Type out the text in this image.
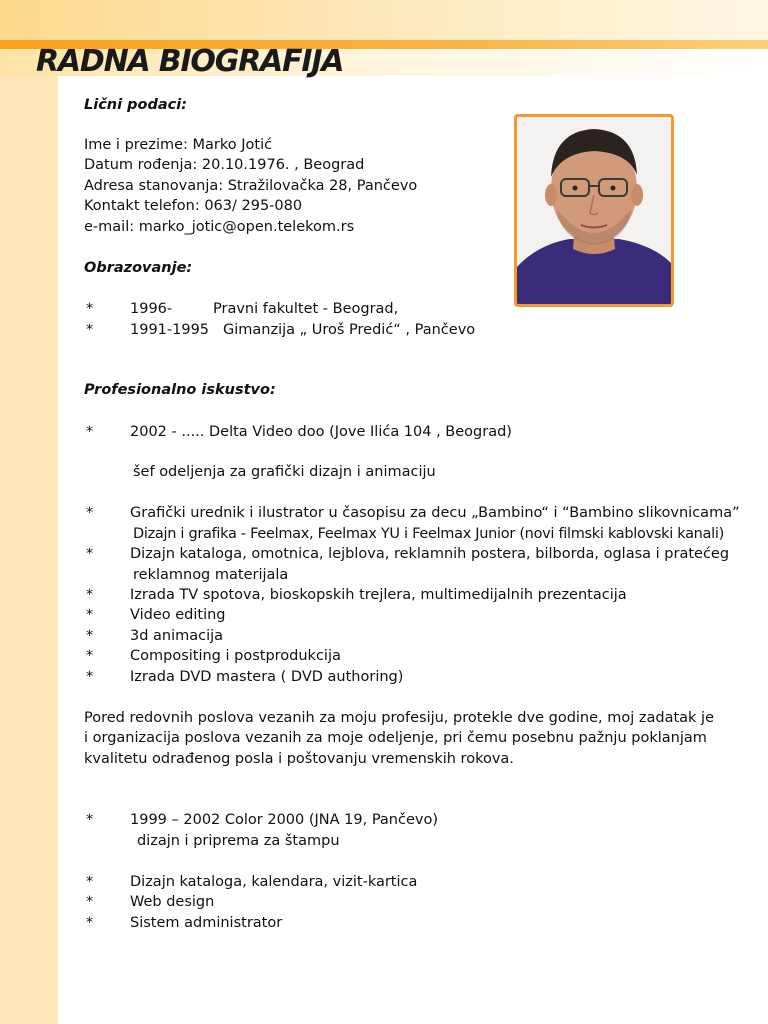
RADNA BIOGRAFIJA
Lični podaci:
Ime i prezime: Marko Jotić
Datum rođenja: 20.10.1976. , Beograd
Adresa stanovanja: Stražilovačka 28, Pančevo
Kontakt telefon: 063/ 295-080
e-mail: marko_jotic@open.telekom.rs
Obrazovanje:
*	1996-	Pravni fakultet - Beograd,
*	1991-1995 Gimanzija „ Uroš Predić“ , Pančevo
Profesionalno iskustvo:
*	2002 - ..... Delta Video doo (Jove Ilića 104 , Beograd)
šef odeljenja za grafički dizajn i animaciju
*	Grafički urednik i ilustrator u časopisu za decu „Bambino“ i “Bambino slikovnicama”
Dizajn i grafika - Feelmax, Feelmax YU i Feelmax Junior (novi filmski kablovski kanali)
*	Dizajn kataloga, omotnica, lejblova, reklamnih postera, bilborda, oglasa i pratećeg
reklamnog materijala
*	Izrada TV spotova, bioskopskih trejlera, multimedijalnih prezentacija
*	Video editing
*	3d animacija
*	Compositing i postprodukcija
*	Izrada DVD mastera ( DVD authoring)
Pored redovnih poslova vezanih za moju profesiju, protekle dve godine, moj zadatak je
i organizacija poslova vezanih za moje odeljenje, pri čemu posebnu pažnju poklanjam
kvalitetu odrađenog posla i poštovanju vremenskih rokova.
*	1999 – 2002 Color 2000 (JNA 19, Pančevo)
dizajn i priprema za štampu
*	Dizajn kataloga, kalendara, vizit-kartica
*	Web design
*	Sistem administrator
